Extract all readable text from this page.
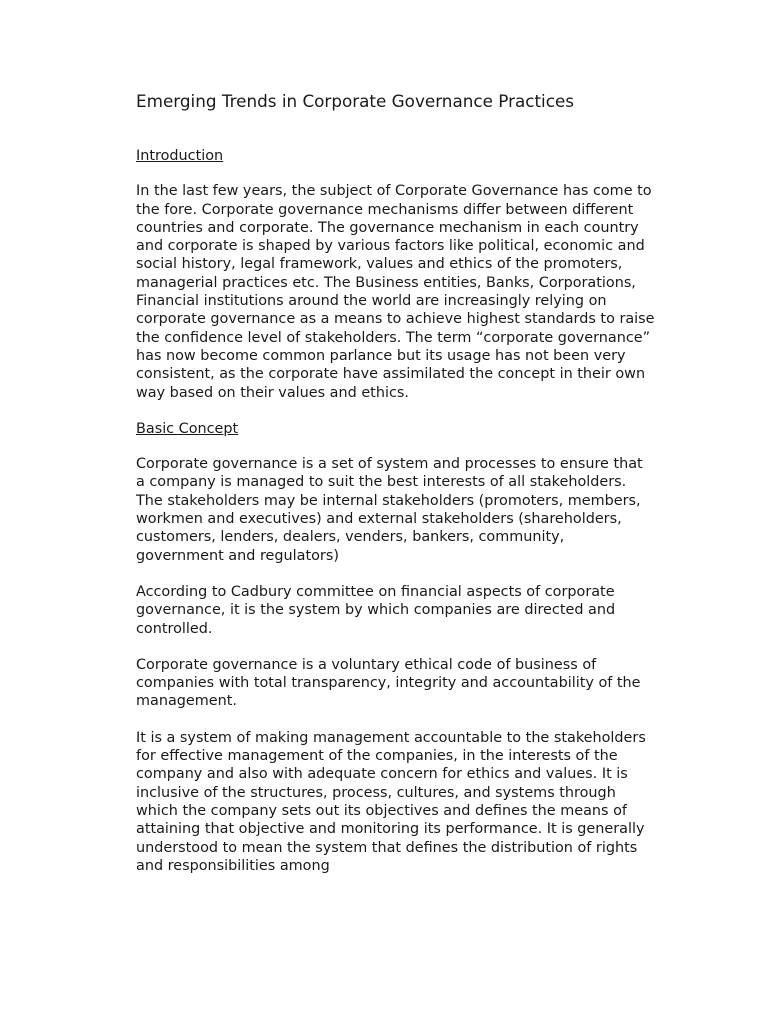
Emerging Trends in Corporate Governance Practices

Introduction

In the last few years, the subject of Corporate Governance has come to the fore. Corporate governance mechanisms differ between different countries and corporate. The governance mechanism in each country and corporate is shaped by various factors like political, economic and social history, legal framework, values and ethics of the promoters, managerial practices etc. The Business entities, Banks, Corporations, Financial institutions around the world are increasingly relying on corporate governance as a means to achieve highest standards to raise the confidence level of stakeholders. The term “corporate governance” has now become common parlance but its usage has not been very consistent, as the corporate have assimilated the concept in their own way based on their values and ethics.

Basic Concept

Corporate governance is a set of system and processes to ensure that a company is managed to suit the best interests of all stakeholders. The stakeholders may be internal stakeholders (promoters, members, workmen and executives) and external stakeholders (shareholders, customers, lenders, dealers, venders, bankers, community, government and regulators)

According to Cadbury committee on financial aspects of corporate governance, it is the system by which companies are directed and controlled.

Corporate governance is a voluntary ethical code of business of companies with total transparency, integrity and accountability of the management.

It is a system of making management accountable to the stakeholders for effective management of the companies, in the interests of the company and also with adequate concern for ethics and values. It is inclusive of the structures, process, cultures, and systems through which the company sets out its objectives and defines the means of attaining that objective and monitoring its performance. It is generally understood to mean the system that defines the distribution of rights and responsibilities among
